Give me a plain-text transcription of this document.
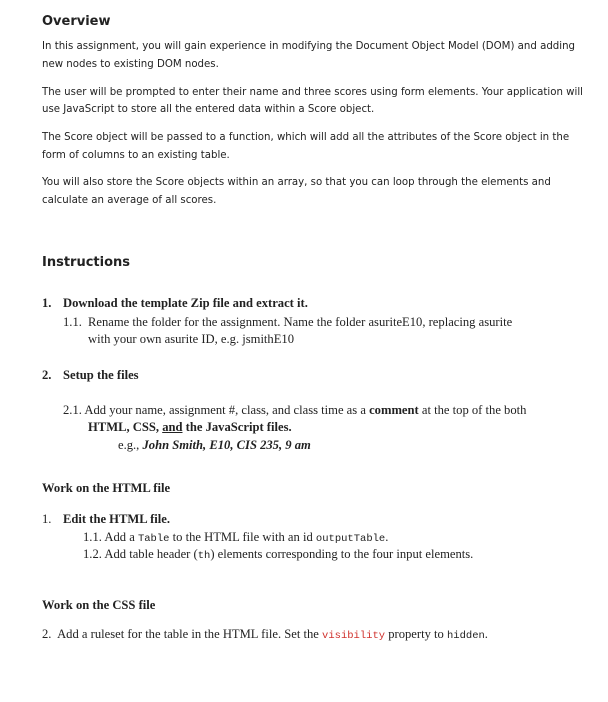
Overview
In this assignment, you will gain experience in modifying the Document Object Model (DOM) and adding
new nodes to existing DOM nodes.
The user will be prompted to enter their name and three scores using form elements. Your application will
use JavaScript to store all the entered data within a Score object.
The Score object will be passed to a function, which will add all the attributes of the Score object in the
form of columns to an existing table.
You will also store the Score objects within an array, so that you can loop through the elements and
calculate an average of all scores.
Instructions
1. Download the template Zip file and extract it.
1.1. Rename the folder for the assignment. Name the folder asuriteE10, replacing asurite
with your own asurite ID, e.g. jsmithE10
2. Setup the files
2.1. Add your name, assignment #, class, and class time as a comment at the top of the both
HTML, CSS, and the JavaScript files.
e.g., John Smith, E10, CIS 235, 9 am
Work on the HTML file
1. Edit the HTML file.
1.1. Add a Table to the HTML file with an id outputTable.
1.2. Add table header (th) elements corresponding to the four input elements.
Work on the CSS file
2. Add a ruleset for the table in the HTML file. Set the visibility property to hidden.
